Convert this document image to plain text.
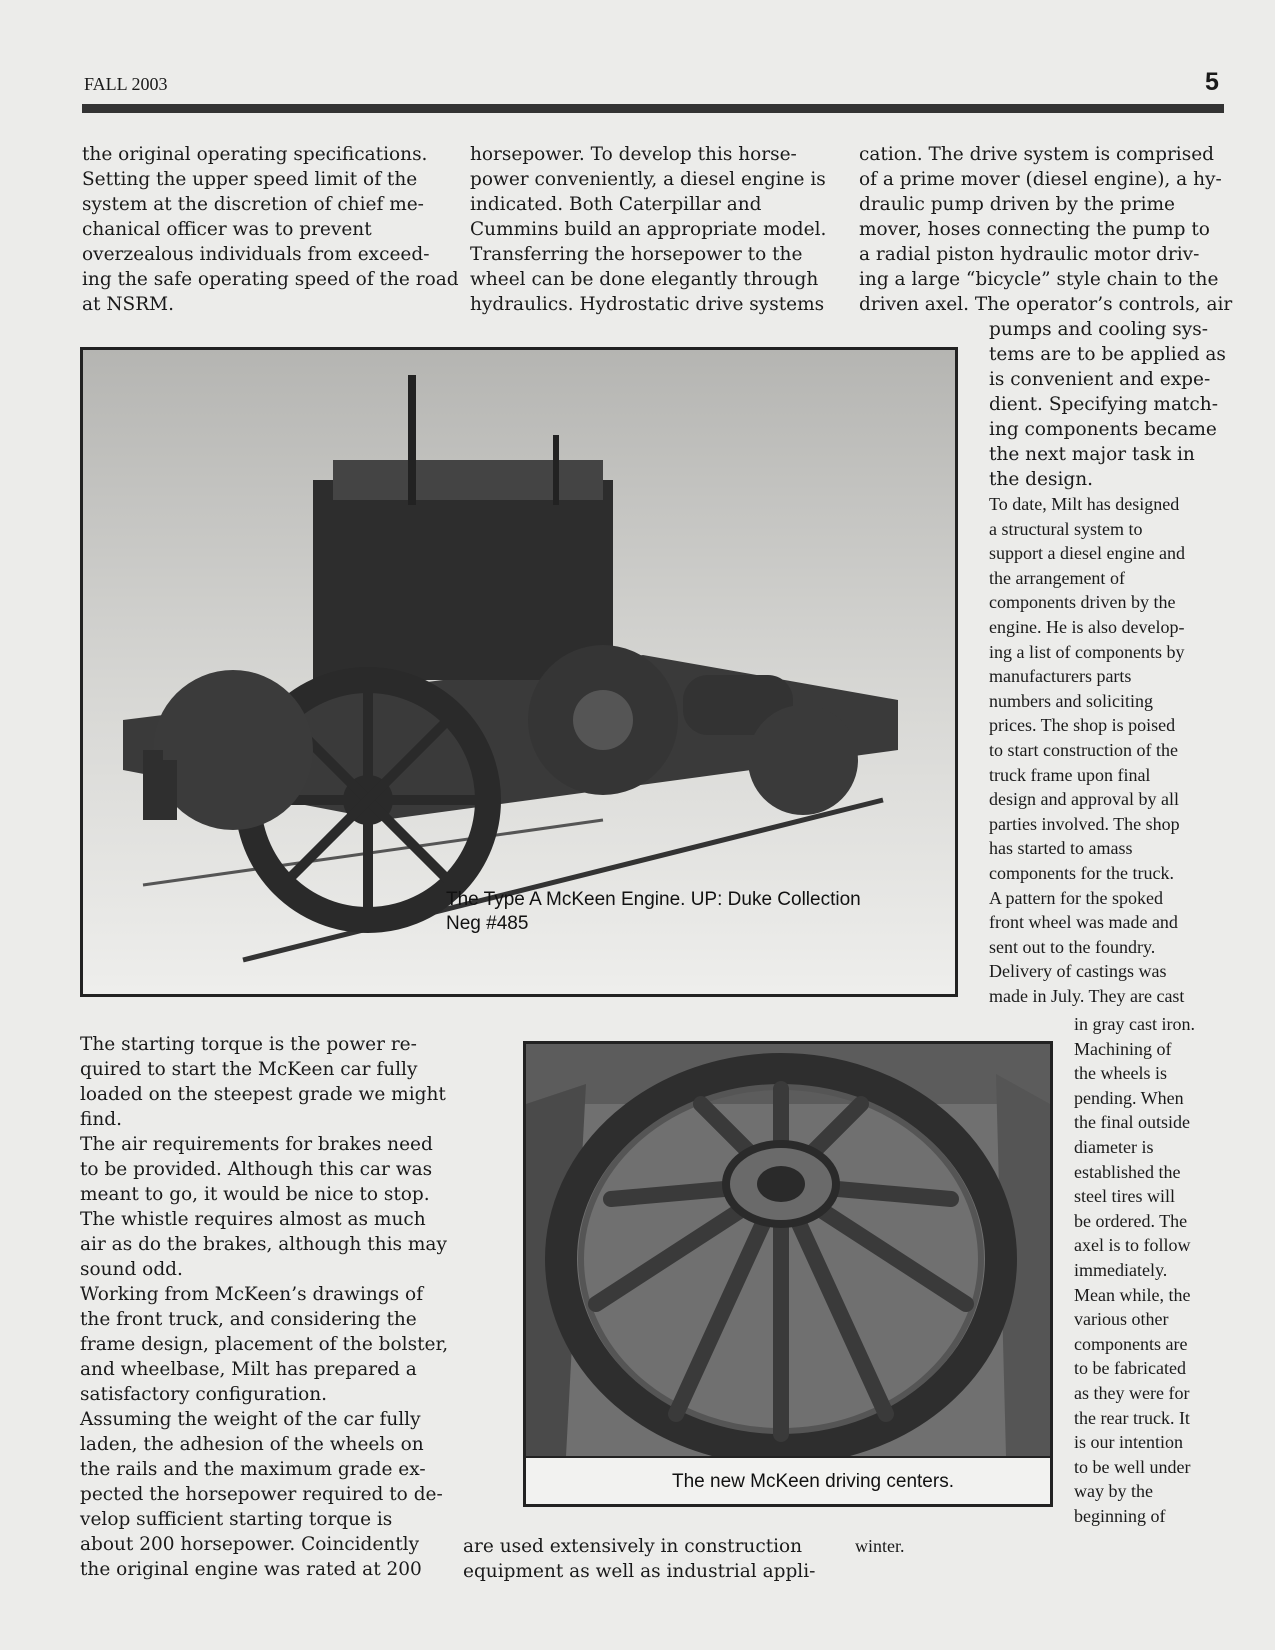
FALL 2003	5
the original operating specifications.
Setting the upper speed limit of the
system at the discretion of chief me-
chanical officer was to prevent
overzealous individuals from exceed-
ing the safe operating speed of the road
at NSRM.
horsepower. To develop this horse-
power conveniently, a diesel engine is
indicated. Both Caterpillar and
Cummins build an appropriate model.
Transferring the horsepower to the
wheel can be done elegantly through
hydraulics. Hydrostatic drive systems
cation. The drive system is comprised
of a prime mover (diesel engine), a hy-
draulic pump driven by the prime
mover, hoses connecting the pump to
a radial piston hydraulic motor driv-
ing a large “bicycle” style chain to the
driven axel. The operator’s controls, air
pumps and cooling sys-
tems are to be applied as
is convenient and expe-
dient. Specifying match-
ing components became
the next major task in
the design.
To date, Milt has designed
a structural system to
support a diesel engine and
the arrangement of
components driven by the
engine. He is also develop-
ing a list of components by
manufacturers parts
numbers and soliciting
prices. The shop is poised
to start construction of the
truck frame upon final
design and approval by all
parties involved. The shop
has started to amass
components for the truck.
A pattern for the spoked
front wheel was made and
sent out to the foundry.
Delivery of castings was
made in July. They are cast
in gray cast iron.
Machining of
the wheels is
pending. When
the final outside
diameter is
established the
steel tires will
be ordered. The
axel is to follow
immediately.
Mean while, the
various other
components are
to be fabricated
as they were for
the rear truck. It
is our intention
to be well under
way by the
beginning of
The Type A McKeen Engine. UP: Duke Collection
Neg #485
The starting torque is the power re-
quired to start the McKeen car fully
loaded on the steepest grade we might
find.
The air requirements for brakes need
to be provided. Although this car was
meant to go, it would be nice to stop.
The whistle requires almost as much
air as do the brakes, although this may
sound odd.
Working from McKeen’s drawings of
the front truck, and considering the
frame design, placement of the bolster,
and wheelbase, Milt has prepared a
satisfactory configuration.
Assuming the weight of the car fully
laden, the adhesion of the wheels on
the rails and the maximum grade ex-
pected the horsepower required to de-
velop sufficient starting torque is
about 200 horsepower. Coincidently
the original engine was rated at 200
The new McKeen driving centers.
are used extensively in construction
equipment as well as industrial appli-
winter.
